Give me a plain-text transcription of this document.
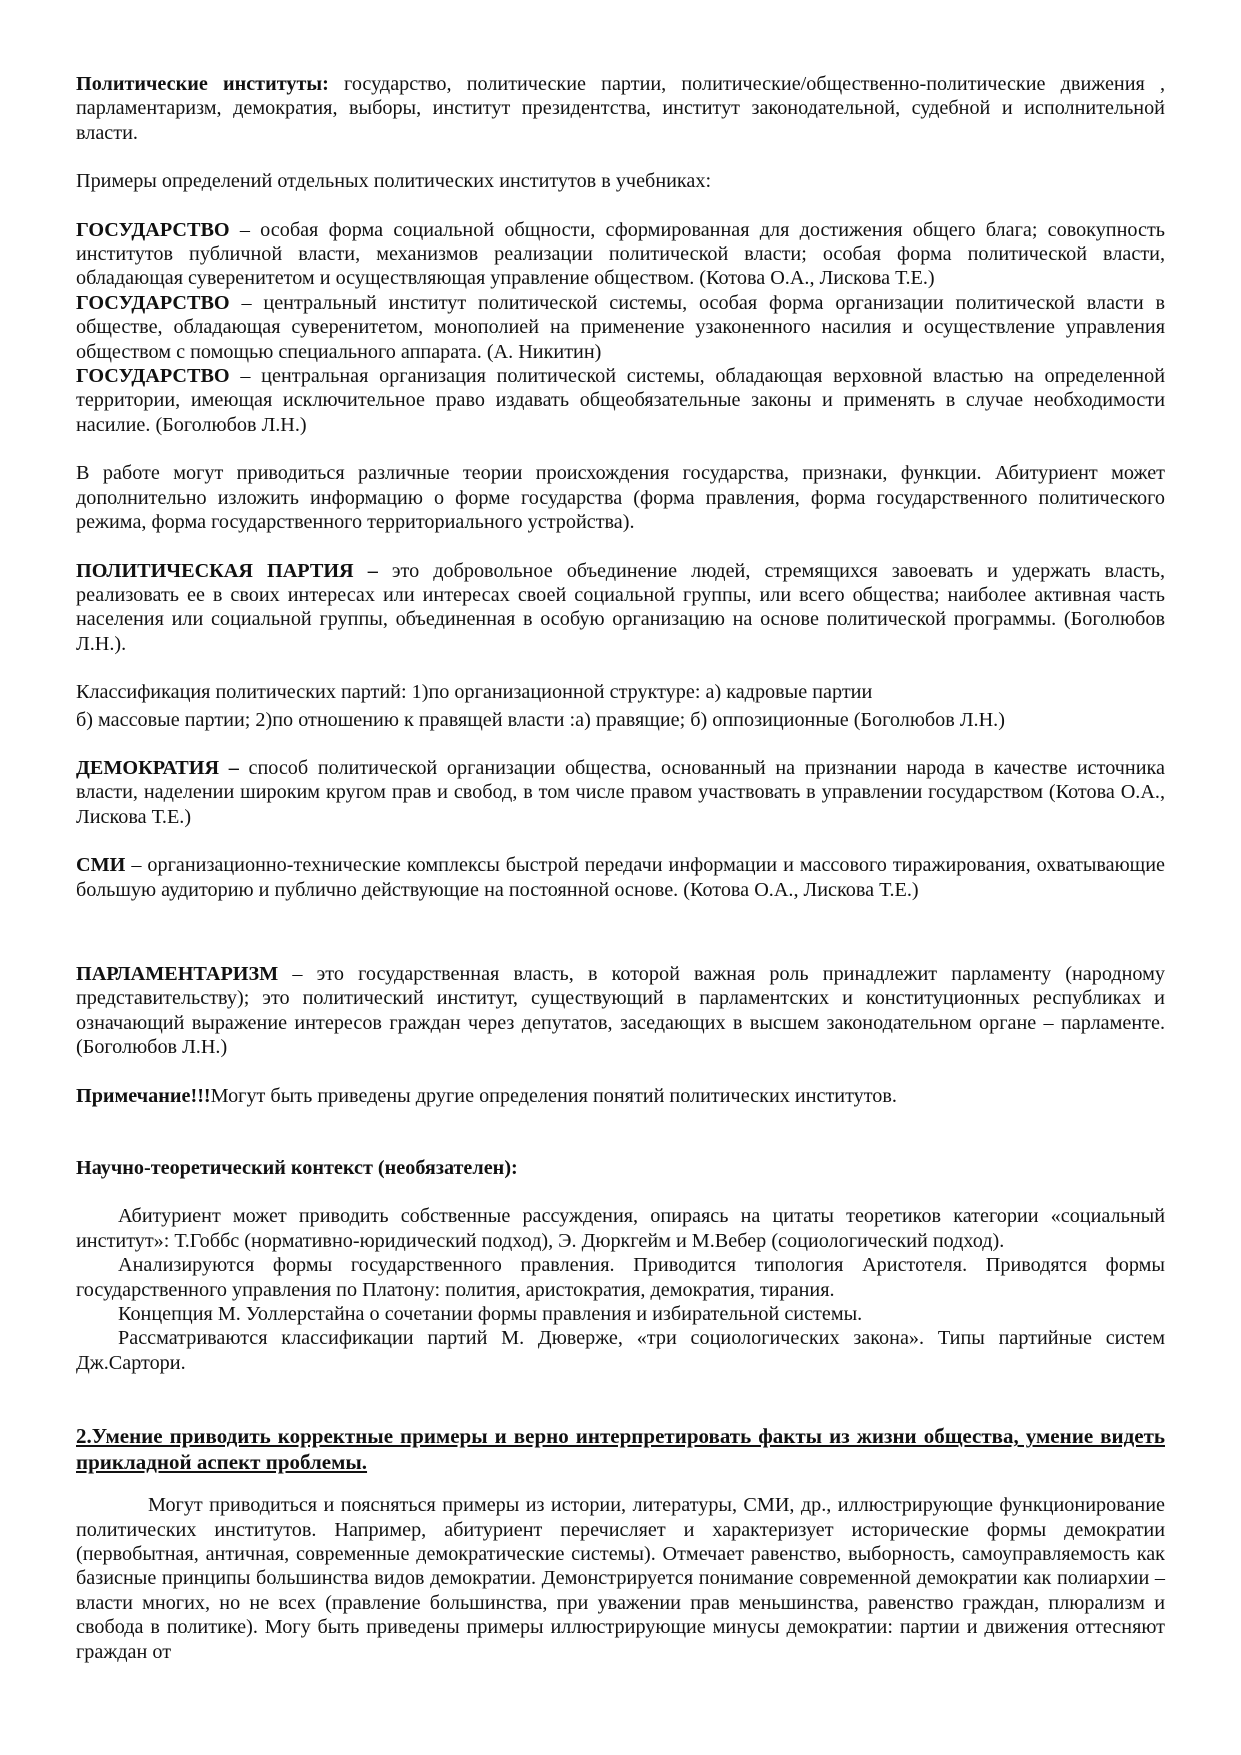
Политические институты: государство, политические партии, политические/общественно-политические движения , парламентаризм, демократия, выборы, институт президентства, институт законодательной, судебной и исполнительной власти.

Примеры определений отдельных политических институтов в учебниках:

ГОСУДАРСТВО – особая форма социальной общности, сформированная для достижения общего блага; совокупность институтов публичной власти, механизмов реализации политической власти; особая форма политической власти, обладающая суверенитетом и осуществляющая управление обществом. (Котова О.А., Лискова Т.Е.)

ГОСУДАРСТВО – центральный институт политической системы, особая форма организации политической власти в обществе, обладающая суверенитетом, монополией на применение узаконенного насилия и осуществление управления обществом с помощью специального аппарата. (А. Никитин)

ГОСУДАРСТВО – центральная организация политической системы, обладающая верховной властью на определенной территории, имеющая исключительное право издавать общеобязательные законы и применять в случае необходимости насилие. (Боголюбов Л.Н.)

В работе могут приводиться различные теории происхождения государства, признаки, функции. Абитуриент может дополнительно изложить информацию о форме государства (форма правления, форма государственного политического режима, форма государственного территориального устройства).

ПОЛИТИЧЕСКАЯ ПАРТИЯ – это добровольное объединение людей, стремящихся завоевать и удержать власть, реализовать ее в своих интересах или интересах своей социальной группы, или всего общества; наиболее активная часть населения или социальной группы, объединенная в особую организацию на основе политической программы. (Боголюбов Л.Н.).

Классификация политических партий: 1)по организационной структуре: а) кадровые партии

б) массовые партии; 2)по отношению к правящей власти :а) правящие; б) оппозиционные (Боголюбов Л.Н.)

ДЕМОКРАТИЯ – способ политической организации общества, основанный на признании народа в качестве источника власти, наделении широким кругом прав и свобод, в том числе правом участвовать в управлении государством (Котова О.А., Лискова Т.Е.)

СМИ – организационно-технические комплексы быстрой передачи информации и массового тиражирования, охватывающие большую аудиторию и публично действующие на постоянной основе. (Котова О.А., Лискова Т.Е.)

ПАРЛАМЕНТАРИЗМ – это государственная власть, в которой важная роль принадлежит парламенту (народному представительству); это политический институт, существующий в парламентских и конституционных республиках и означающий выражение интересов граждан через депутатов, заседающих в высшем законодательном органе – парламенте. (Боголюбов Л.Н.)

Примечание!!!Могут быть приведены другие определения понятий политических институтов.

Научно-теоретический контекст (необязателен):

Абитуриент может приводить собственные рассуждения, опираясь на цитаты теоретиков категории «социальный институт»: Т.Гоббс (нормативно-юридический подход), Э. Дюркгейм и М.Вебер (социологический подход).

Анализируются формы государственного правления. Приводится типология Аристотеля. Приводятся формы государственного управления по Платону: полития, аристократия, демократия, тирания.

Концепция М. Уоллерстайна о сочетании формы правления и избирательной системы.

Рассматриваются классификации партий М. Дюверже, «три социологических закона». Типы партийные систем Дж.Сартори.

2.Умение приводить корректные примеры и верно интерпретировать факты из жизни общества, умение видеть прикладной аспект проблемы.

Могут приводиться и поясняться примеры из истории, литературы, СМИ, др., иллюстрирующие функционирование политических институтов. Например, абитуриент перечисляет и характеризует исторические формы демократии (первобытная, античная, современные демократические системы). Отмечает равенство, выборность, самоуправляемость как базисные принципы большинства видов демократии. Демонстрируется понимание современной демократии как полиархии – власти многих, но не всех (правление большинства, при уважении прав меньшинства, равенство граждан, плюрализм и свобода в политике). Могу быть приведены примеры иллюстрирующие минусы демократии: партии и движения оттесняют граждан от
